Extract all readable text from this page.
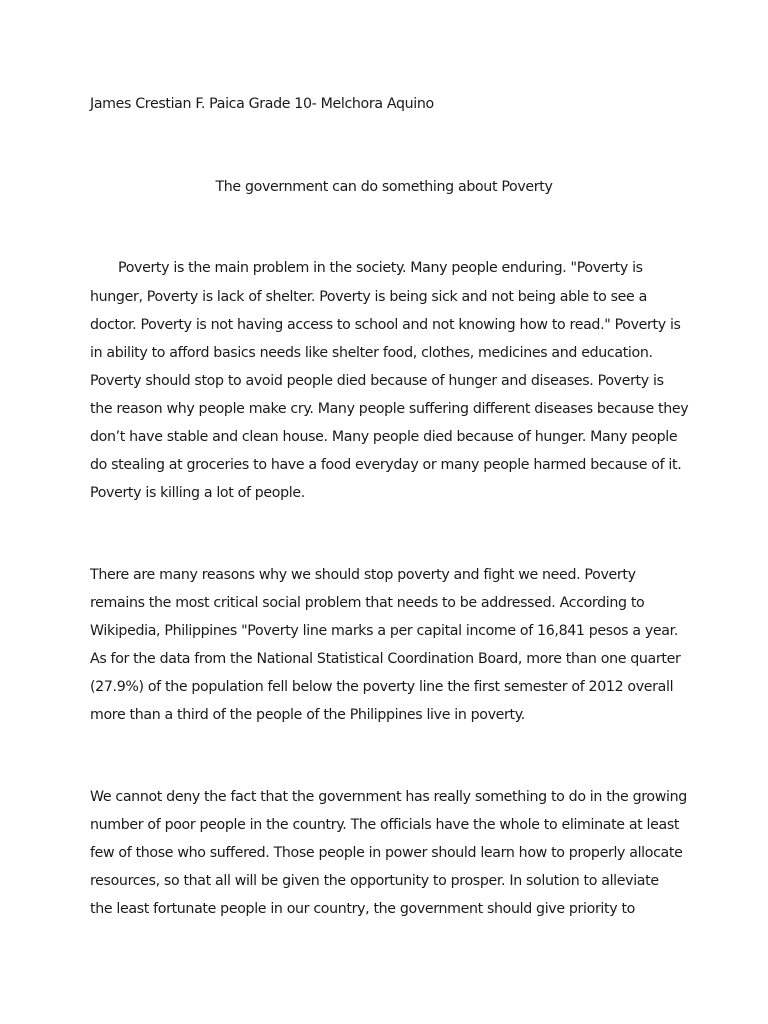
James Crestian F. Paica Grade 10- Melchora Aquino
The government can do something about Poverty
Poverty is the main problem in the society. Many people enduring. "Poverty is
hunger, Poverty is lack of shelter. Poverty is being sick and not being able to see a
doctor. Poverty is not having access to school and not knowing how to read." Poverty is
in ability to afford basics needs like shelter food, clothes, medicines and education.
Poverty should stop to avoid people died because of hunger and diseases. Poverty is
the reason why people make cry. Many people suffering different diseases because they
don’t have stable and clean house. Many people died because of hunger. Many people
do stealing at groceries to have a food everyday or many people harmed because of it.
Poverty is killing a lot of people.
There are many reasons why we should stop poverty and fight we need. Poverty
remains the most critical social problem that needs to be addressed. According to
Wikipedia, Philippines "Poverty line marks a per capital income of 16,841 pesos a year.
As for the data from the National Statistical Coordination Board, more than one quarter
(27.9%) of the population fell below the poverty line the first semester of 2012 overall
more than a third of the people of the Philippines live in poverty.
We cannot deny the fact that the government has really something to do in the growing
number of poor people in the country. The officials have the whole to eliminate at least
few of those who suffered. Those people in power should learn how to properly allocate
resources, so that all will be given the opportunity to prosper. In solution to alleviate
the least fortunate people in our country, the government should give priority to
